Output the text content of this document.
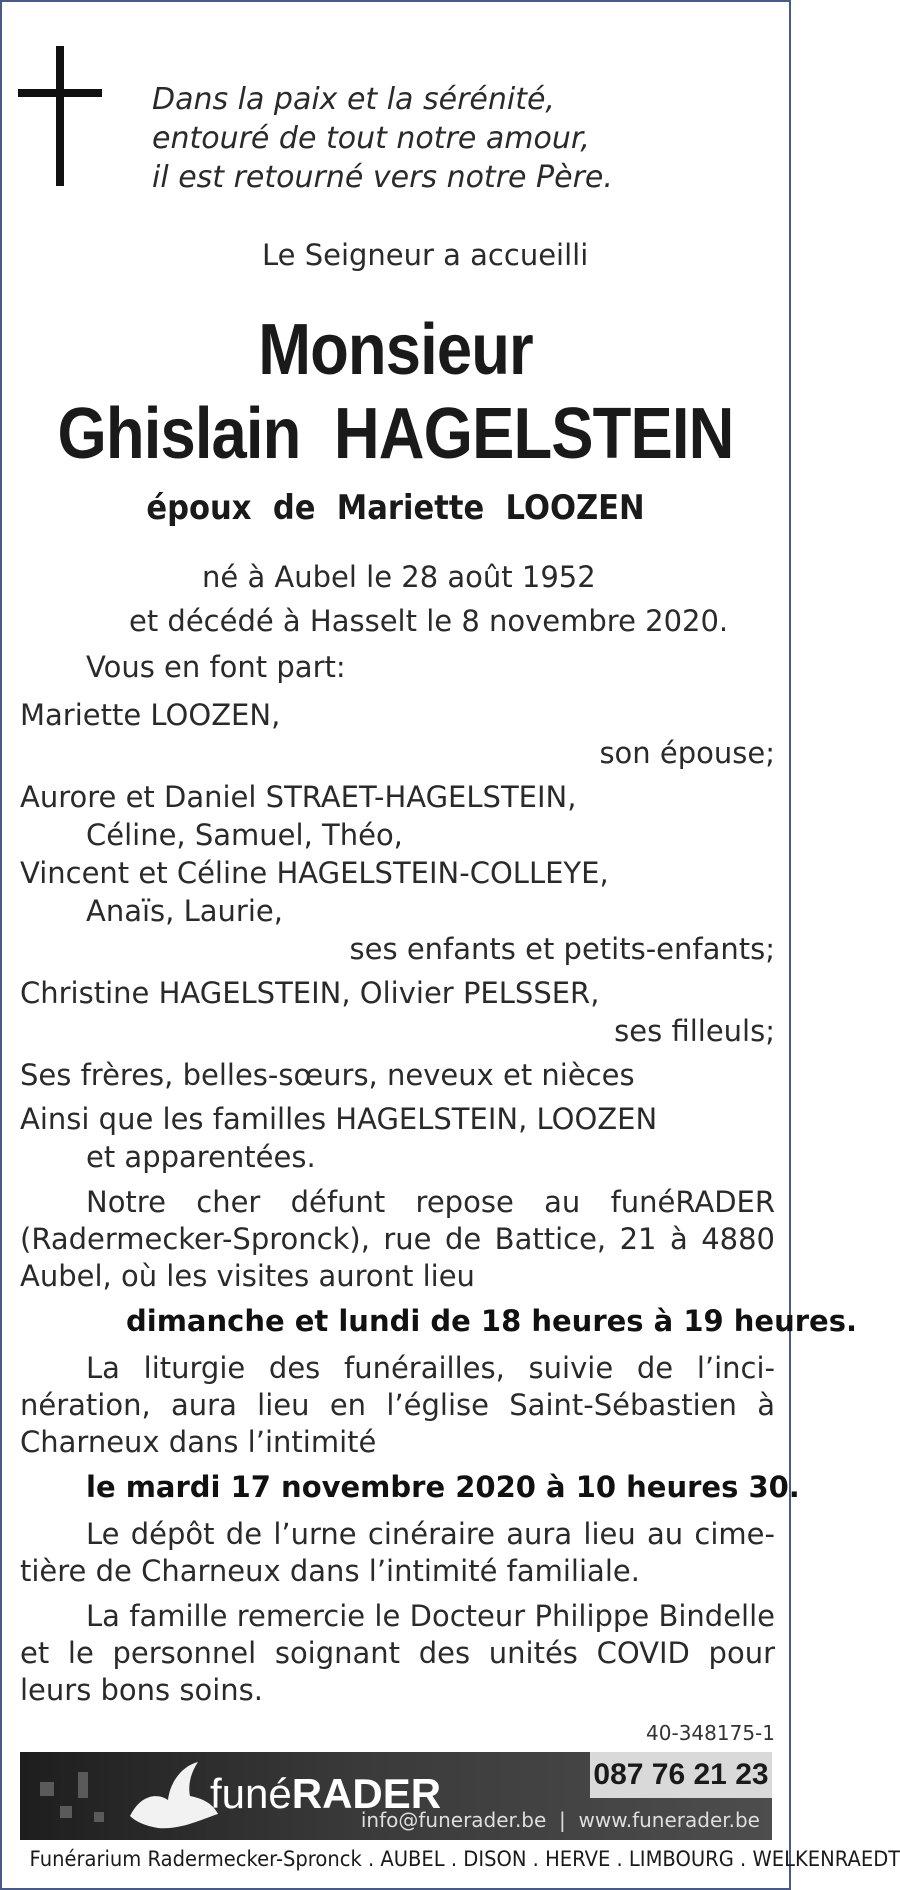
Dans la paix et la sérénité,
entouré de tout notre amour,
il est retourné vers notre Père.
Le Seigneur a accueilli
Monsieur
Ghislain  HAGELSTEIN
époux  de  Mariette  LOOZEN
né à Aubel le 28 août 1952
et décédé à Hasselt le 8 novembre 2020.
Vous en font part:
Mariette LOOZEN,
son épouse;
Aurore et Daniel STRAET-HAGELSTEIN,
Céline, Samuel, Théo,
Vincent et Céline HAGELSTEIN-COLLEYE,
Anaïs, Laurie,
ses enfants et petits-enfants;
Christine HAGELSTEIN, Olivier PELSSER,
ses filleuls;
Ses frères, belles-sœurs, neveux et nièces
Ainsi que les familles HAGELSTEIN, LOOZEN
et apparentées.
Notre cher défunt repose au funéRADER (Radermecker-Spronck), rue de Battice, 21 à 4880 Aubel, où les visites auront lieu
dimanche et lundi de 18 heures à 19 heures.
La liturgie des funérailles, suivie de l’inci-nération, aura lieu en l’église Saint-Sébastien à Charneux dans l’intimité
le mardi 17 novembre 2020 à 10 heures 30.
Le dépôt de l’urne cinéraire aura lieu au cime-tière de Charneux dans l’intimité familiale.
La famille remercie le Docteur Philippe Bindelle et le personnel soignant des unités COVID pour leurs bons soins.
40-348175-1
funéRADER	087 76 21 23
info@funerader.be  |  www.funerader.be
Funérarium Radermecker-Spronck . AUBEL . DISON . HERVE . LIMBOURG . WELKENRAEDT
